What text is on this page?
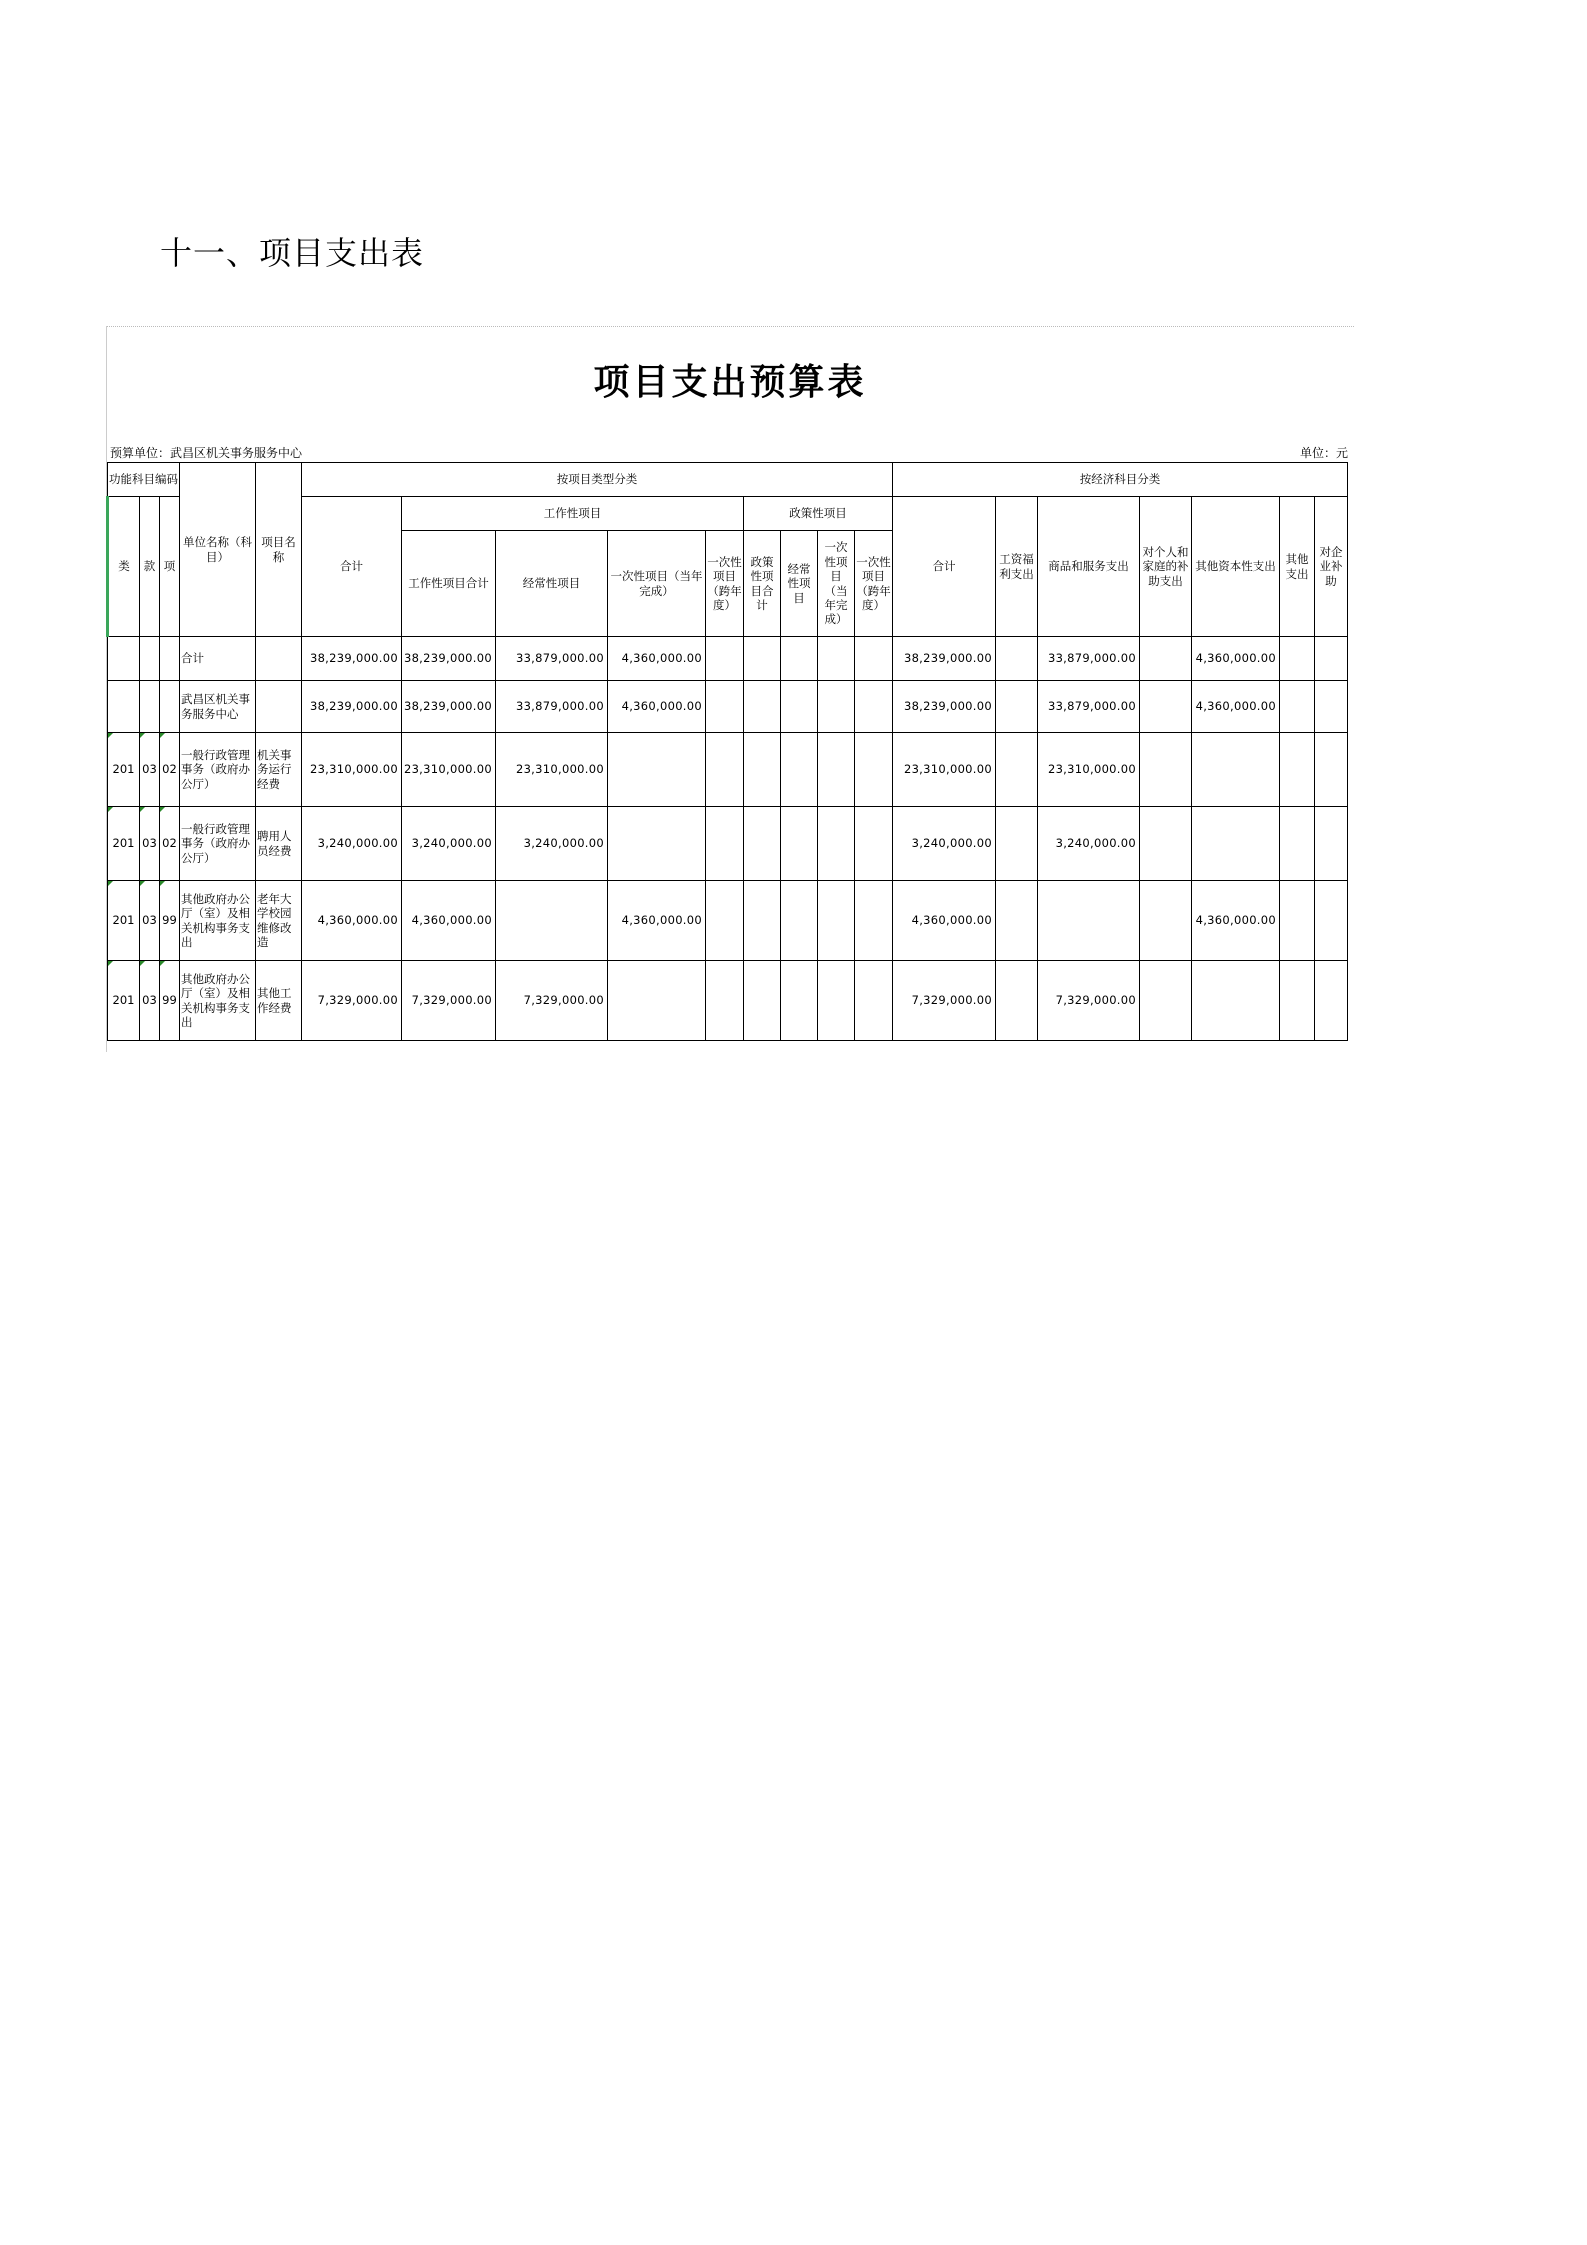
十一、项目支出表
项目支出预算表
预算单位：武昌区机关事务服务中心	单位：元
功能科目编码			单位名称（科目）	项目名称	按项目类型分类									按经济科目分类						
类	款	项			合计	工作性项目				政策性项目				合计	工资福利支出	商品和服务支出	对个人和家庭的补助支出	其他资本性支出	其他支出	对企业补助
						工作性项目合计	经常性项目	一次性项目（当年完成）	一次性项目（跨年度）	政策性项目合计	经常性项目	一次性项目（当年完成）	一次性项目（跨年度）							
			合计		38,239,000.00	38,239,000.00	33,879,000.00	4,360,000.00						38,239,000.00		33,879,000.00		4,360,000.00		
			武昌区机关事务服务中心		38,239,000.00	38,239,000.00	33,879,000.00	4,360,000.00						38,239,000.00		33,879,000.00		4,360,000.00		
201	03	02	一般行政管理事务（政府办公厅）	机关事务运行经费	23,310,000.00	23,310,000.00	23,310,000.00							23,310,000.00		23,310,000.00				
201	03	02	一般行政管理事务（政府办公厅）	聘用人员经费	3,240,000.00	3,240,000.00	3,240,000.00							3,240,000.00		3,240,000.00				
201	03	99	其他政府办公厅（室）及相关机构事务支出	老年大学校园维修改造	4,360,000.00	4,360,000.00		4,360,000.00						4,360,000.00				4,360,000.00		
201	03	99	其他政府办公厅（室）及相关机构事务支出	其他工作经费	7,329,000.00	7,329,000.00	7,329,000.00							7,329,000.00		7,329,000.00				
